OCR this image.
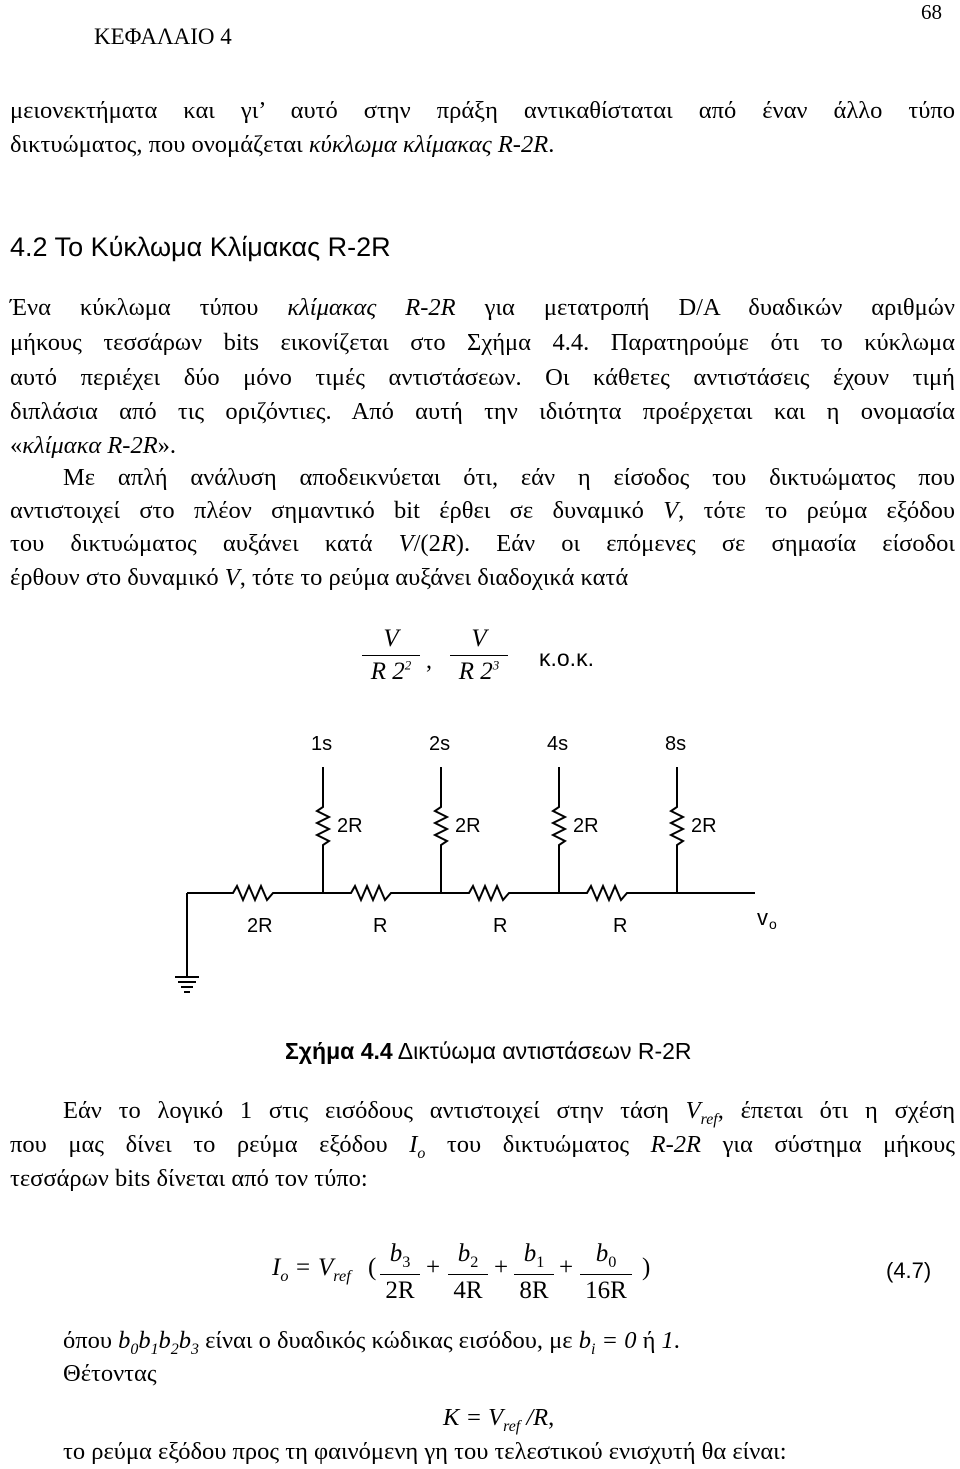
ΚΕΦΑΛΑΙΟ 4
68
μειονεκτήματα και γι’ αυτό στην πράξη αντικαθίσταται από έναν άλλο τύπο
δικτυώματος, που ονομάζεται κύκλωμα κλίμακας R-2R.
4.2 Το Κύκλωμα Κλίμακας R-2R
Ένα κύκλωμα τύπου κλίμακας R-2R για μετατροπή D/A δυαδικών αριθμών
μήκους τεσσάρων bits εικονίζεται στο Σχήμα 4.4. Παρατηρούμε ότι το κύκλωμα
αυτό περιέχει δύο μόνο τιμές αντιστάσεων. Οι κάθετες αντιστάσεις έχουν τιμή
διπλάσια από τις οριζόντιες. Από αυτή την ιδιότητα προέρχεται και η ονομασία
«κλίμακα R-2R».
Με απλή ανάλυση αποδεικνύεται ότι, εάν η είσοδος του δικτυώματος που
αντιστοιχεί στο πλέον σημαντικό bit έρθει σε δυναμικό V, τότε το ρεύμα εξόδου
του δικτυώματος αυξάνει κατά V/(2R). Εάν οι επόμενες σε σημασία είσοδοι
έρθουν στο δυναμικό V, τότε το ρεύμα αυξάνει διαδοχικά κατά
V
R $2^2$ ,
V
R $2^3$	κ.ο.κ.
1s	2s	4s	8s
2R	2R	2R	2R
2R	R	R	R	v o
Σχήμα 4.4 Δικτύωμα αντιστάσεων R-2R
Εάν το λογικό 1 στις εισόδους αντιστοιχεί στην τάση $V_{ref}$, έπεται ότι η σχέση
που μας δίνει το ρεύμα εξόδου $I_o$ του δικτυώματος R-2R για σύστημα μήκους
τεσσάρων bits δίνεται από τον τύπο:
$I_o = V_{ref}$ (
$b_3$
2R
+
$b_2$
4R
+
$b_1$
8R
+
$b_0$
16R
)	(4.7)
όπου $b_0b_1b_2b_3$ είναι ο δυαδικός κώδικας εισόδου, με $b_i = 0$ ή 1.
Θέτοντας
$K = V_{ref}$ /R,
το ρεύμα εξόδου προς τη φαινόμενη γη του τελεστικού ενισχυτή θα είναι:
